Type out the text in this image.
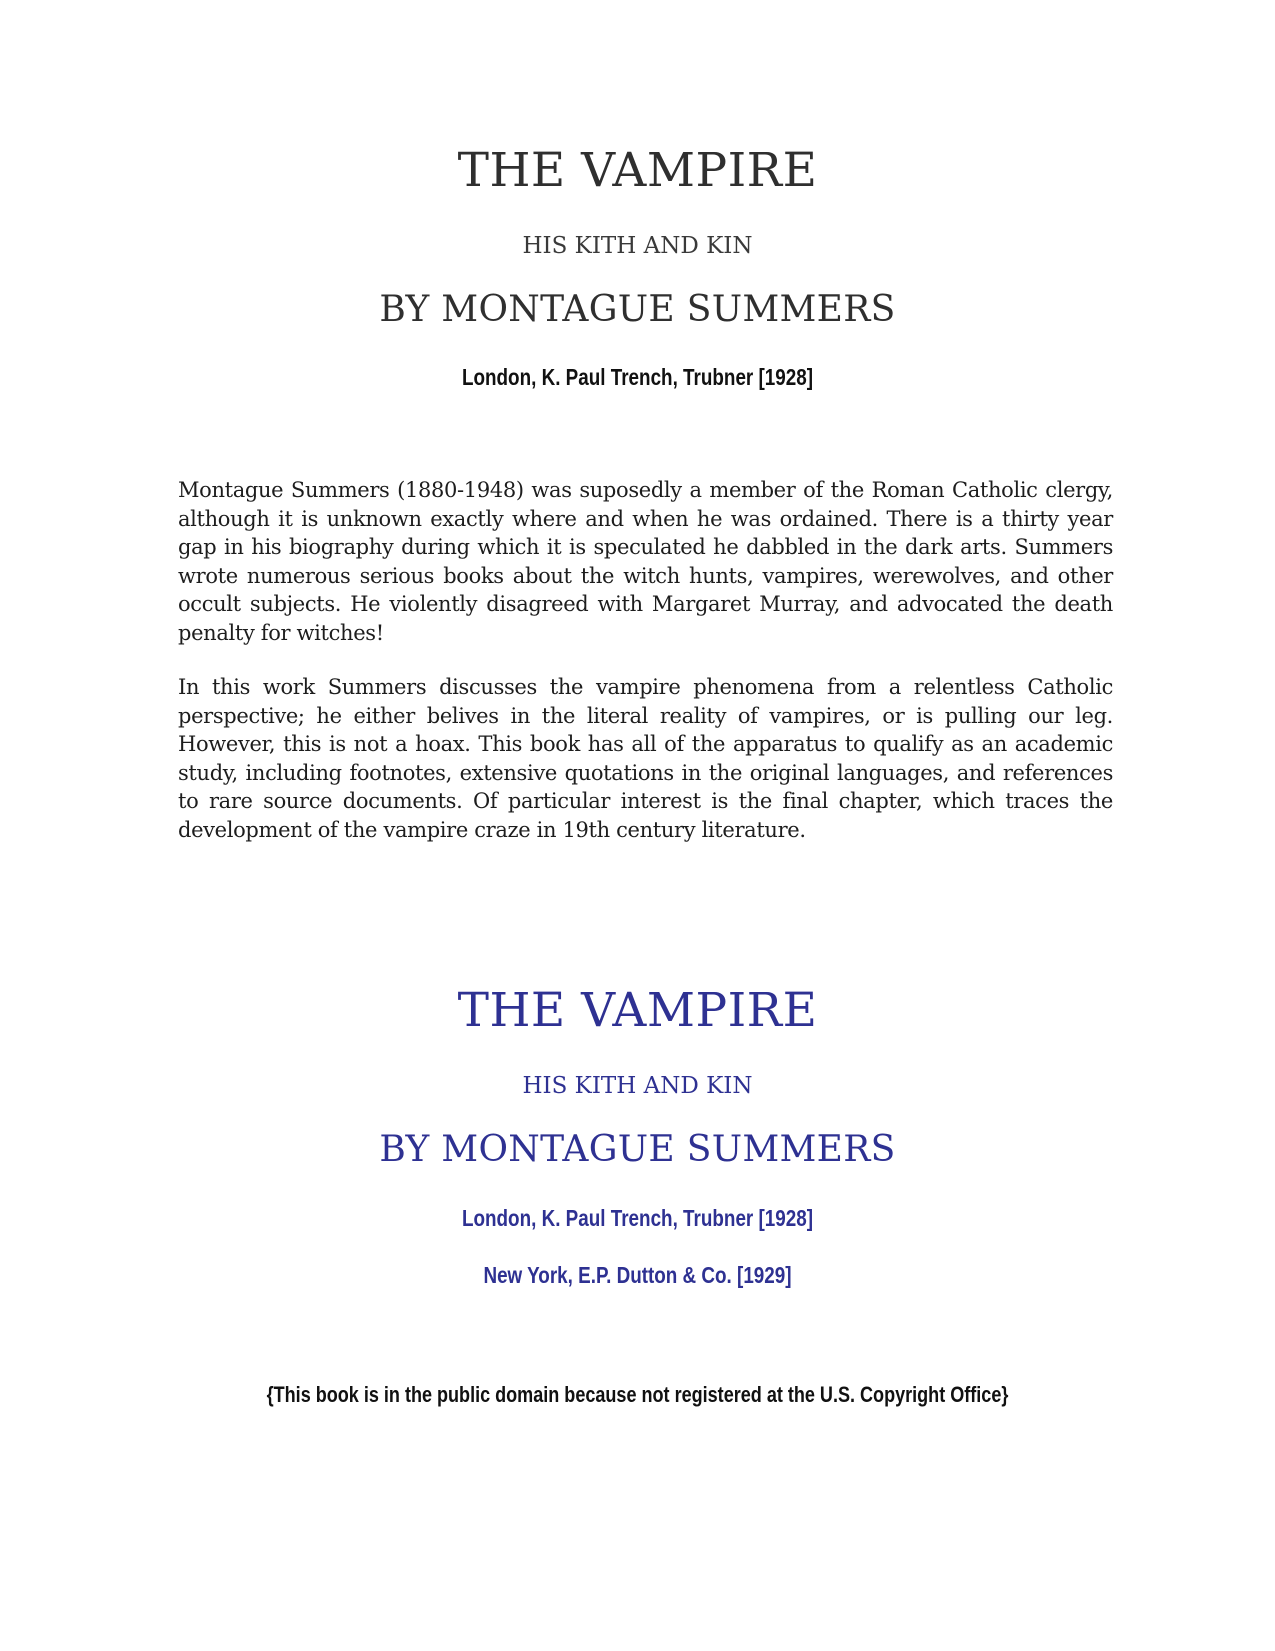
THE VAMPIRE
HIS KITH AND KIN
BY MONTAGUE SUMMERS
London, K. Paul Trench, Trubner [1928]

Montague Summers (1880-1948) was suposedly a member of the Roman Catholic clergy, although it is unknown exactly where and when he was ordained. There is a thirty year gap in his biography during which it is speculated he dabbled in the dark arts. Summers wrote numerous serious books about the witch hunts, vampires, werewolves, and other occult subjects. He violently disagreed with Margaret Murray, and advocated the death penalty for witches!

In this work Summers discusses the vampire phenomena from a relentless Catholic perspective; he either belives in the literal reality of vampires, or is pulling our leg. However, this is not a hoax. This book has all of the apparatus to qualify as an academic study, including footnotes, extensive quotations in the original languages, and references to rare source documents. Of particular interest is the final chapter, which traces the development of the vampire craze in 19th century literature.

THE VAMPIRE
HIS KITH AND KIN
BY MONTAGUE SUMMERS
London, K. Paul Trench, Trubner [1928]
New York, E.P. Dutton & Co. [1929]
{This book is in the public domain because not registered at the U.S. Copyright Office}
